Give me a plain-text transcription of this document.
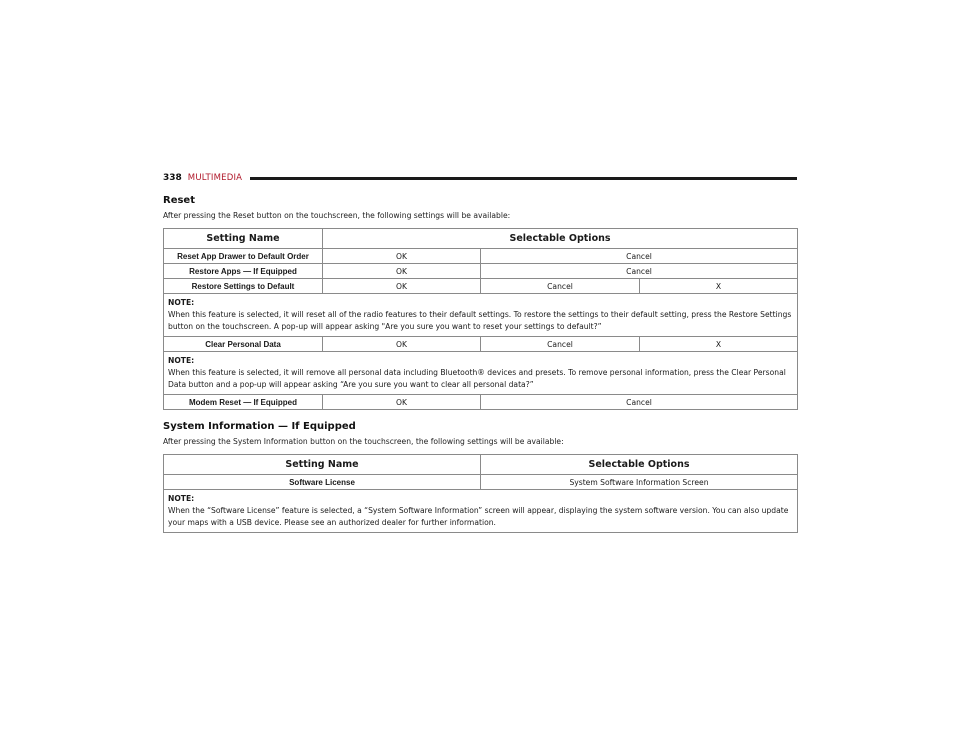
338 MULTIMEDIA
Reset
After pressing the Reset button on the touchscreen, the following settings will be available:
Setting Name	Selectable Options		
Reset App Drawer to Default Order	OK	Cancel	
Restore Apps — If Equipped	OK	Cancel	
Restore Settings to Default	OK	Cancel	X

NOTE:
When this feature is selected, it will reset all of the radio features to their default settings. To restore the settings to their default setting, press the Restore Settings button on the touchscreen. A pop-up will appear asking "Are you sure you want to reset your settings to default?”			

Clear Personal Data	OK	Cancel	X

NOTE:
When this feature is selected, it will remove all personal data including Bluetooth® devices and presets. To remove personal information, press the Clear Personal Data button and a pop-up will appear asking “Are you sure you want to clear all personal data?”			

Modem Reset — If Equipped	OK	Cancel	
System Information — If Equipped
After pressing the System Information button on the touchscreen, the following settings will be available:
Setting Name	Selectable Options
Software License	System Software Information Screen

NOTE:
When the “Software License” feature is selected, a “System Software Information” screen will appear, displaying the system software version. You can also update your maps with a USB device. Please see an authorized dealer for further information.	
